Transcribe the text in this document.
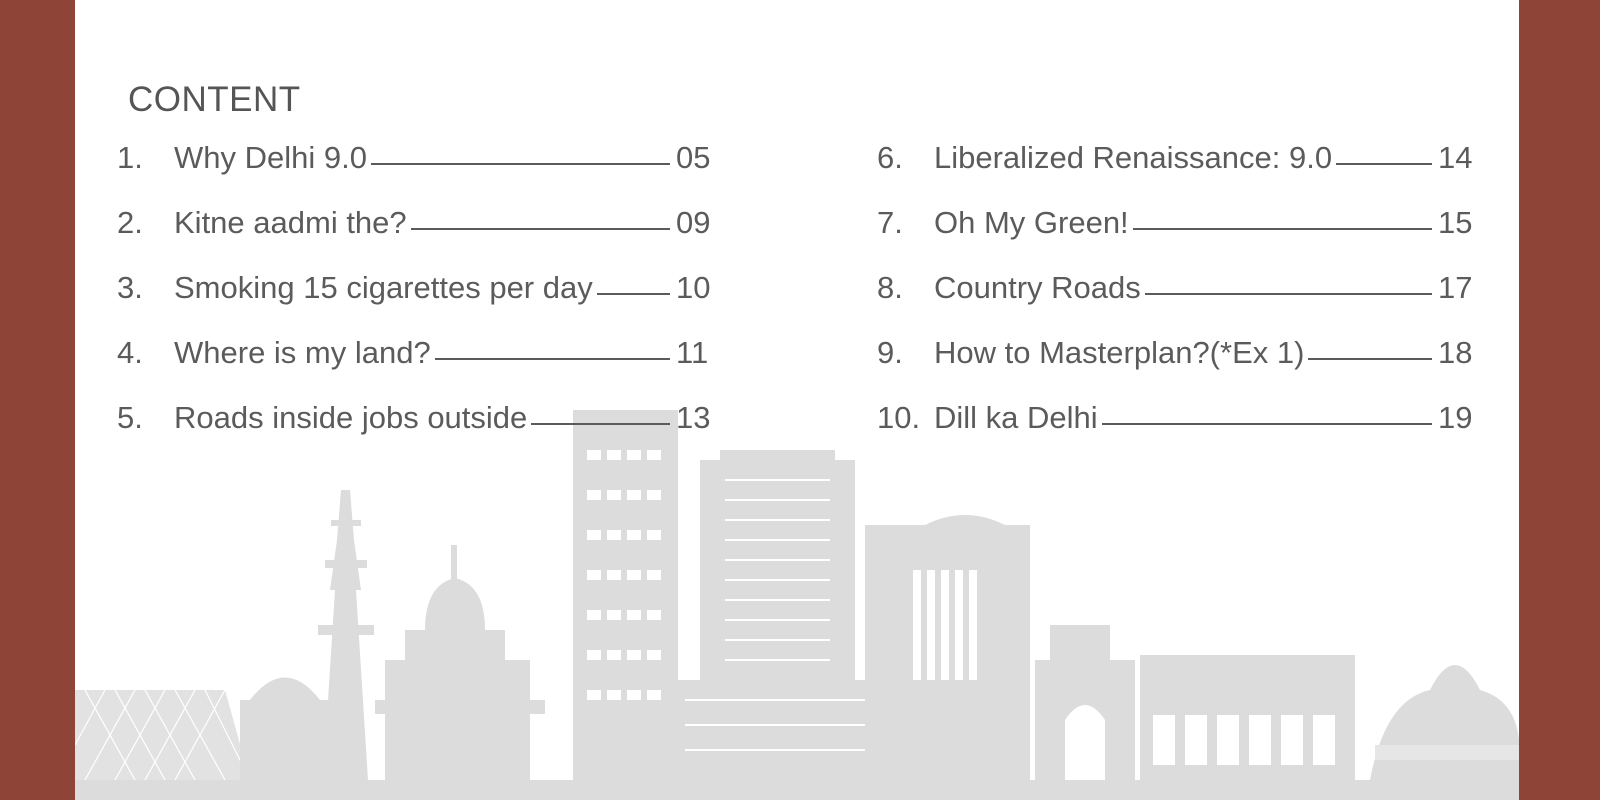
CONTENT
1.	Why Delhi 9.0	05
2.	Kitne aadmi the?	09
3.	Smoking 15 cigarettes per day	10
4.	Where is my land?	11
5.	Roads inside jobs outside	13
6.	Liberalized Renaissance: 9.0	14
7.	Oh My Green!	15
8.	Country Roads	17
9.	How to Masterplan?(*Ex 1)	18
10. Dill ka Delhi	19
